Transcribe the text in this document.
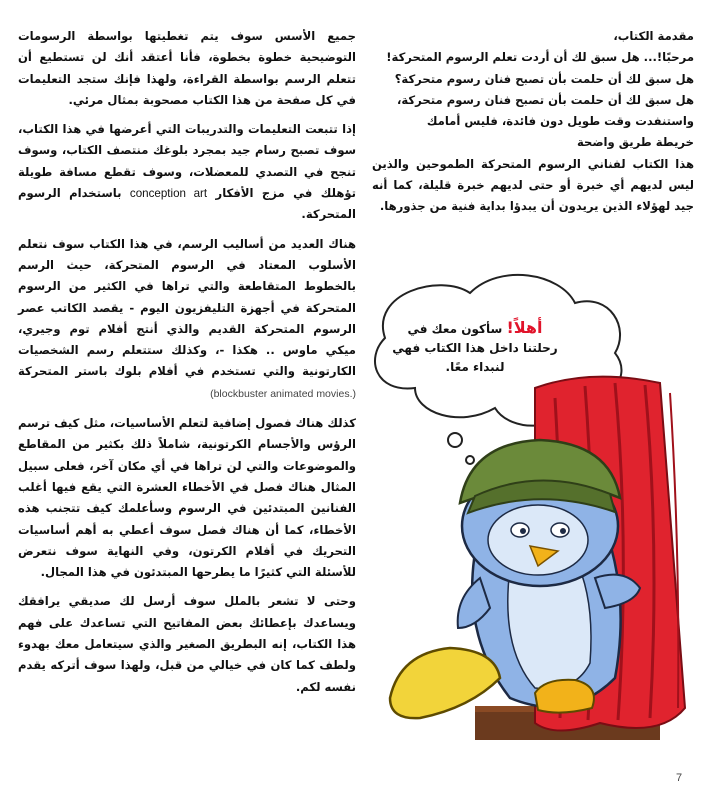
مقدمة الكتاب،
مرحبًا!... هل سبق لك أن أردت تعلم الرسوم المتحركة!
هل سبق لك أن حلمت بأن تصبح فنان رسوم متحركة؟
هل سبق لك أن حلمت بأن تصبح فنان رسوم متحركة،
واستنفدت وقت طويل دون فائدة، فليس أمامك
خريطة طريق واضحة

هذا الكتاب لفناني الرسوم المتحركة الطموحين والذين ليس لديهم أي خبرة أو حتى لديهم خبرة قليلة، كما أنه جيد لهؤلاء الذين يريدون أن يبدؤا بداية فنية من جذورها.

أهلاً! سأكون معك في رحلتنا داخل هذا الكتاب فهي لنبداء معًا.

جميع الأسس سوف يتم تغطيتها بواسطة الرسومات التوضيحية خطوة بخطوة، فأنا أعتقد أنك لن تستطيع أن تتعلم الرسم بواسطة القراءة، ولهذا فإنك ستجد التعليمات في كل صفحة من هذا الكتاب مصحوبة بمثال مرئي.

إذا تتبعت التعليمات والتدريبات التي أعرضها في هذا الكتاب، سوف تصبح رسام جيد بمجرد بلوغك منتصف الكتاب، وسوف تنجح في التصدي للمعضلات، وسوف تقطع مسافة طويلة تؤهلك في مزج الأفكار conception art باستخدام الرسوم المتحركة.

هناك العديد من أساليب الرسم، في هذا الكتاب سوف نتعلم الأسلوب المعتاد في الرسوم المتحركة، حيث الرسم بالخطوط المتقاطعة والتي تراها في الكثير من الرسوم المتحركة في أجهزة التليفزيون اليوم - يقصد الكاتب عصر الرسوم المتحركة القديم والذي أنتج أفلام توم وجيري، ميكي ماوس .. هكذا -، وكذلك ستتعلم رسم الشخصيات الكارتونية والتي تستخدم في أفلام بلوك باستر المتحركة (blockbuster animated movies.)

كذلك هناك فصول إضافية لتعلم الأساسيات، مثل كيف ترسم الرؤس والأجسام الكرتونية، شاملاً ذلك بكثير من المقاطع والموضوعات والتي لن تراها في أي مكان آخر، فعلى سبيل المثال هناك فصل في الأخطاء العشرة التي يقع فيها أغلب الفنانين المبتدئين في الرسوم وسأعلمك كيف تتجنب هذه الأخطاء، كما أن هناك فصل سوف أعطي به أهم أساسيات التحريك في أفلام الكرتون، وفي النهاية سوف نتعرض للأسئلة التي كثيرًا ما يطرحها المبتدئون في هذا المجال.

وحتى لا تشعر بالملل سوف أرسل لك صديقي يرافقك ويساعدك بإعطائك بعض المفاتيح التي تساعدك على فهم هذا الكتاب، إنه البطريق الصغير والذي سيتعامل معك بهدوء ولطف كما كان في خيالي من قبل، ولهذا سوف أتركه يقدم نفسه لكم.

7
